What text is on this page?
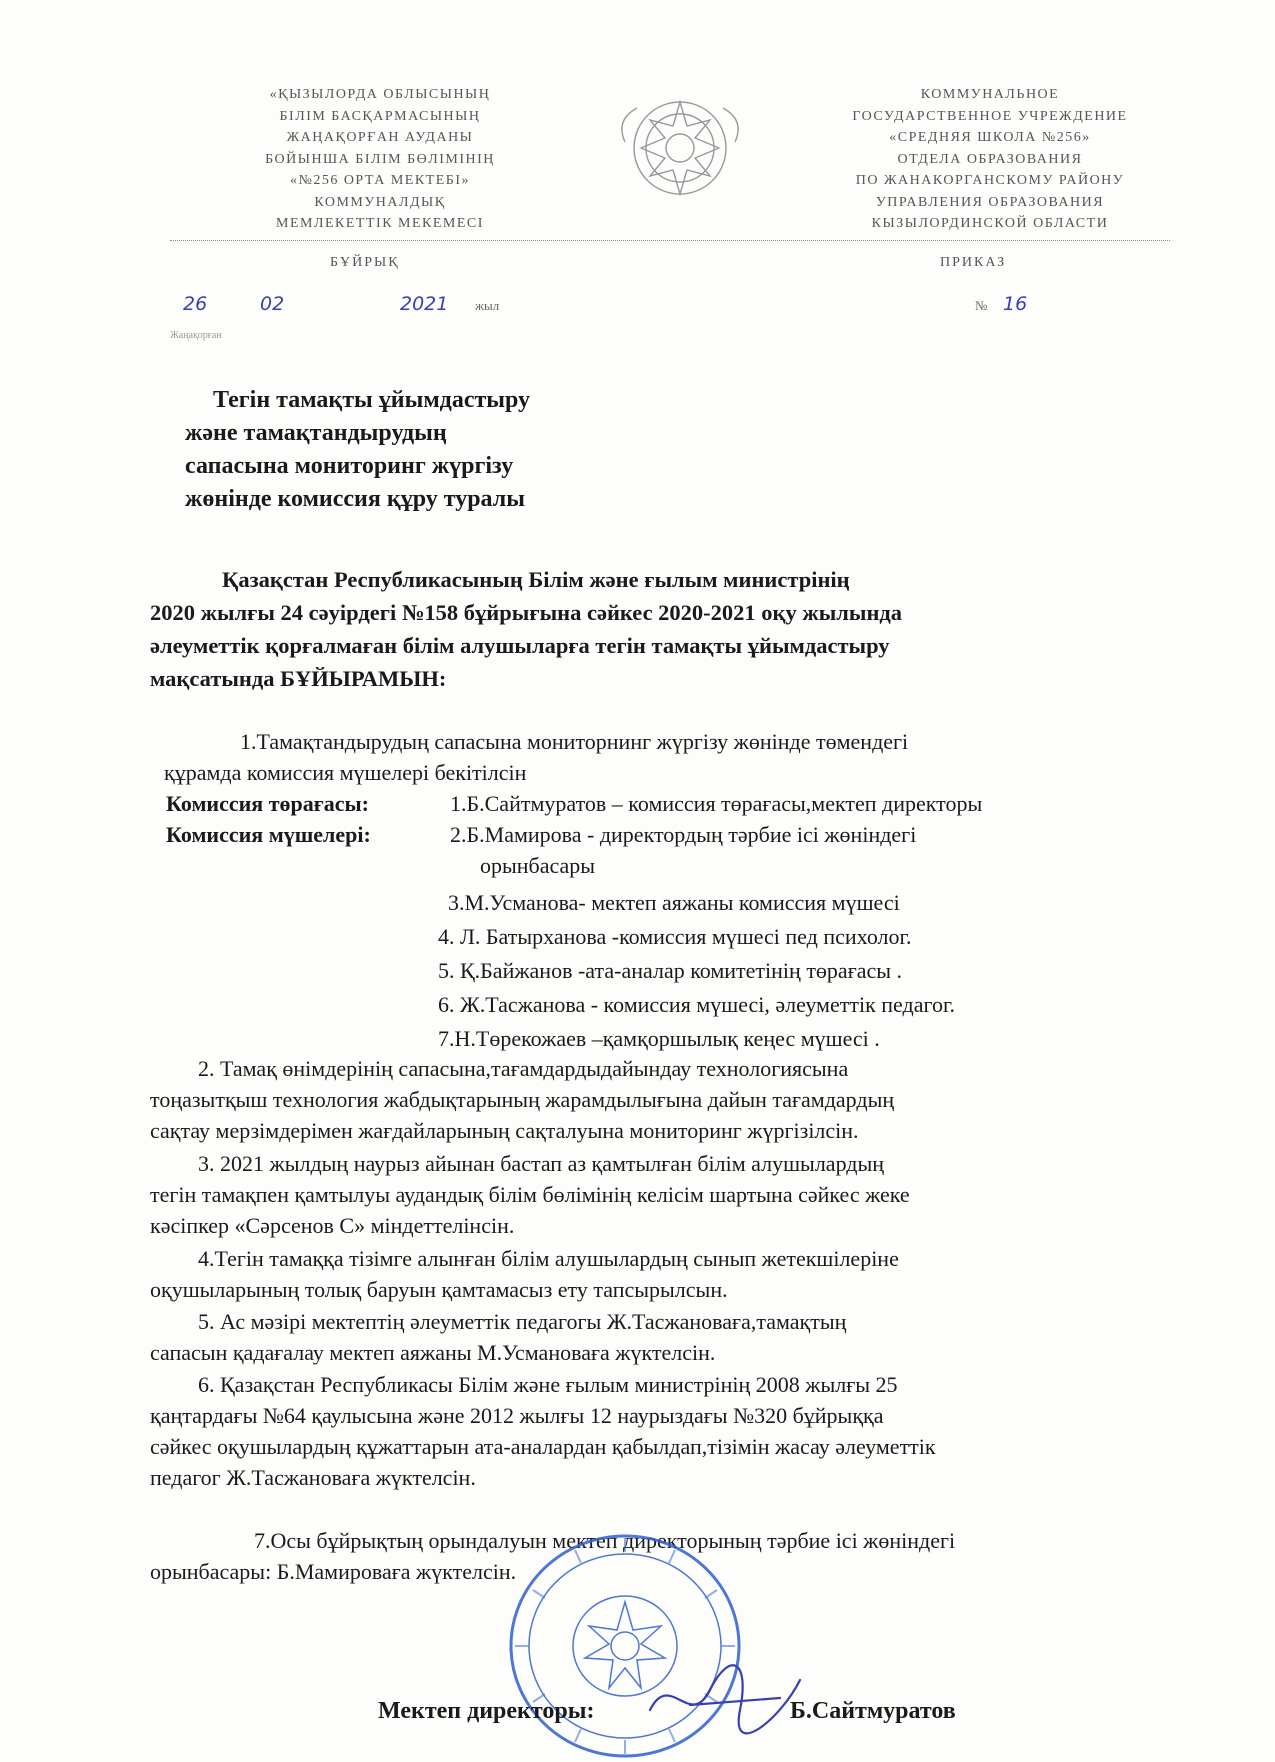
«ҚЫЗЫЛОРДА ОБЛЫСЫНЫҢ
БІЛІМ БАСҚАРМАСЫНЫҢ
ЖАҢАҚОРҒАН АУДАНЫ
БОЙЫНША БІЛІМ БӨЛІМІНІҢ
«№256 ОРТА МЕКТЕБІ»
КОММУНАЛДЫҚ
МЕМЛЕКЕТТІК МЕКЕМЕСІ
КОММУНАЛЬНОЕ
ГОСУДАРСТВЕННОЕ УЧРЕЖДЕНИЕ
«СРЕДНЯЯ ШКОЛА №256»
ОТДЕЛА ОБРАЗОВАНИЯ
ПО ЖАНАКОРГАНСКОМУ РАЙОНУ
УПРАВЛЕНИЯ ОБРАЗОВАНИЯ
КЫЗЫЛОРДИНСКОЙ ОБЛАСТИ
БҰЙРЫҚ	ПРИКАЗ
26	02	2021 жыл	№ 16
Жаңақорған
Тегін тамақты ұйымдастыру
және тамақтандырудың
сапасына мониторинг жүргізу
жөнінде комиссия құру туралы
Қазақстан Республикасының Білім және ғылым министрінің
2020 жылғы 24 сәуірдегі №158 бұйрығына сәйкес 2020-2021 оқу жылында
әлеуметтік қорғалмаған білім алушыларға тегін тамақты ұйымдастыру
мақсатында БҰЙЫРАМЫН:
1.Тамақтандырудың сапасына мониторнинг жүргізу жөнінде төмендегі
құрамда комиссия мүшелері бекітілсін
Комиссия төрағасы:	1.Б.Сайтмуратов – комиссия төрағасы,мектеп директоры
Комиссия мүшелері:	2.Б.Мамирова - директордың тәрбие ісі жөніндегі
орынбасары
3.М.Усманова- мектеп аяжаны комиссия мүшесі
4. Л. Батырханова -комиссия мүшесі пед психолог.
5. Қ.Байжанов -ата-аналар комитетінің төрағасы .
6. Ж.Тасжанова - комиссия мүшесі, әлеуметтік педагог.
7.Н.Төрекожаев –қамқоршылық кеңес мүшесі .
2. Тамақ өнімдерінің сапасына,тағамдардыдайындау технологиясына
тоңазытқыш технология жабдықтарының жарамдылығына дайын тағамдардың
сақтау мерзімдерімен жағдайларының сақталуына мониторинг жүргізілсін.
3. 2021 жылдың наурыз айынан бастап аз қамтылған білім алушылардың
тегін тамақпен қамтылуы аудандық білім бөлімінің келісім шартына сәйкес жеке
кәсіпкер «Сәрсенов С» міндеттелінсін.
4.Тегін тамаққа тізімге алынған білім алушылардың сынып жетекшілеріне
оқушыларының толық баруын қамтамасыз ету тапсырылсын.
5. Ас мәзірі мектептің әлеуметтік педагогы Ж.Тасжановаға,тамақтың
сапасын қадағалау мектеп аяжаны М.Усмановаға жүктелсін.
6. Қазақстан Республикасы Білім және ғылым министрінің 2008 жылғы 25
қаңтардағы №64 қаулысына және 2012 жылғы 12 наурыздағы №320 бұйрыққа
сәйкес оқушылардың құжаттарын ата-аналардан қабылдап,тізімін жасау әлеуметтік
педагог Ж.Тасжановаға жүктелсін.
7.Осы бұйрықтың орындалуын мектеп директорының тәрбие ісі жөніндегі
орынбасары: Б.Мамироваға жүктелсін.
Мектеп директоры:	Б.Сайтмуратов
